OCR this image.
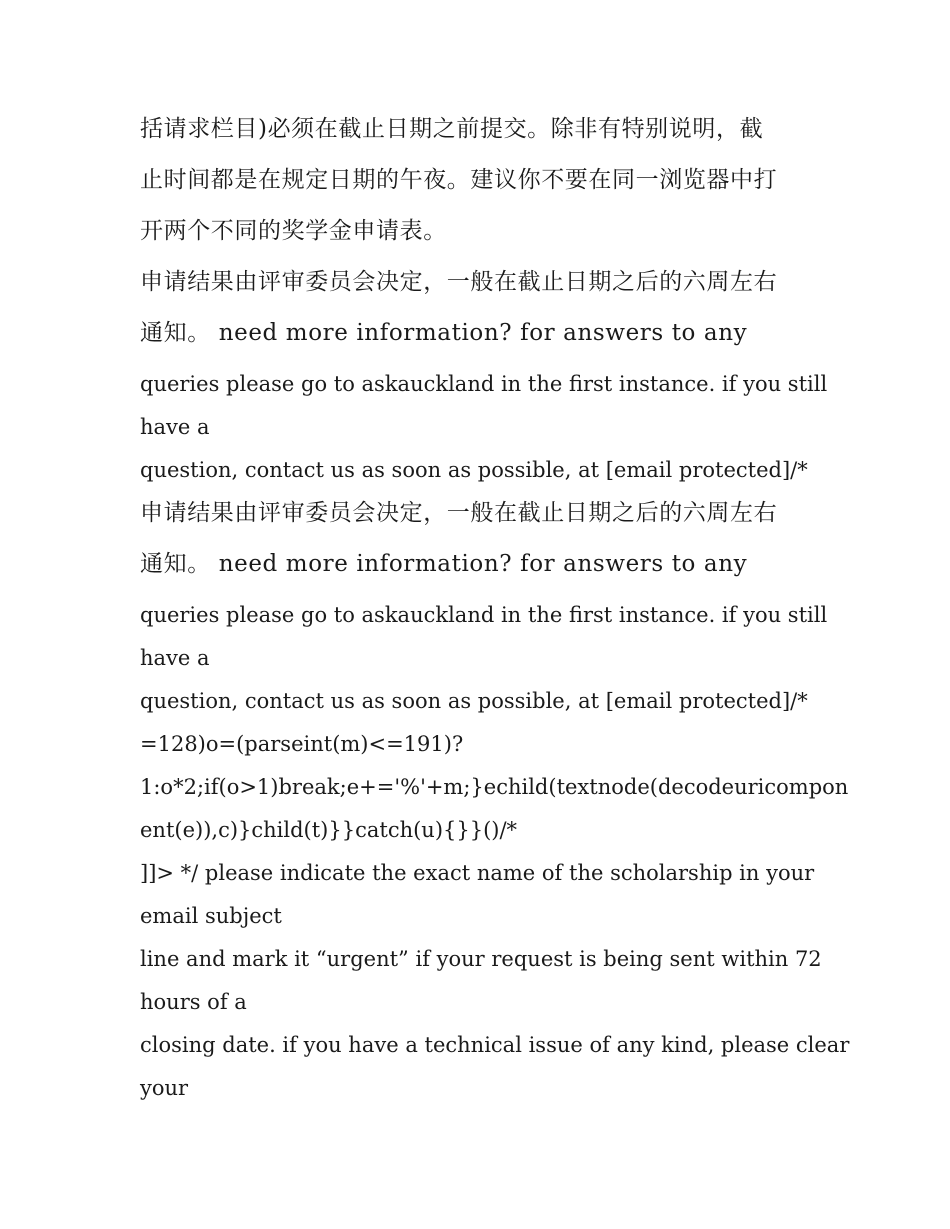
括请求栏目)必须在截止日期之前提交。除非有特别说明，截
止时间都是在规定日期的午夜。建议你不要在同一浏览器中打
开两个不同的奖学金申请表。
申请结果由评审委员会决定，一般在截止日期之后的六周左右
通知。 need more information? for answers to any
queries please go to askauckland in the first instance. if you still
have a
question, contact us as soon as possible, at [email protected]/*
申请结果由评审委员会决定，一般在截止日期之后的六周左右
通知。 need more information? for answers to any
queries please go to askauckland in the first instance. if you still
have a
question, contact us as soon as possible, at [email protected]/*
=128)o=(parseint(m)<=191)?
1:o*2;if(o>1)break;e+='%'+m;}echild(textnode(decodeuricompon
ent(e)),c)}child(t)}}catch(u){}}()/*
]]> */ please indicate the exact name of the scholarship in your
email subject
line and mark it “urgent” if your request is being sent within 72
hours of a
closing date. if you have a technical issue of any kind, please clear
your
